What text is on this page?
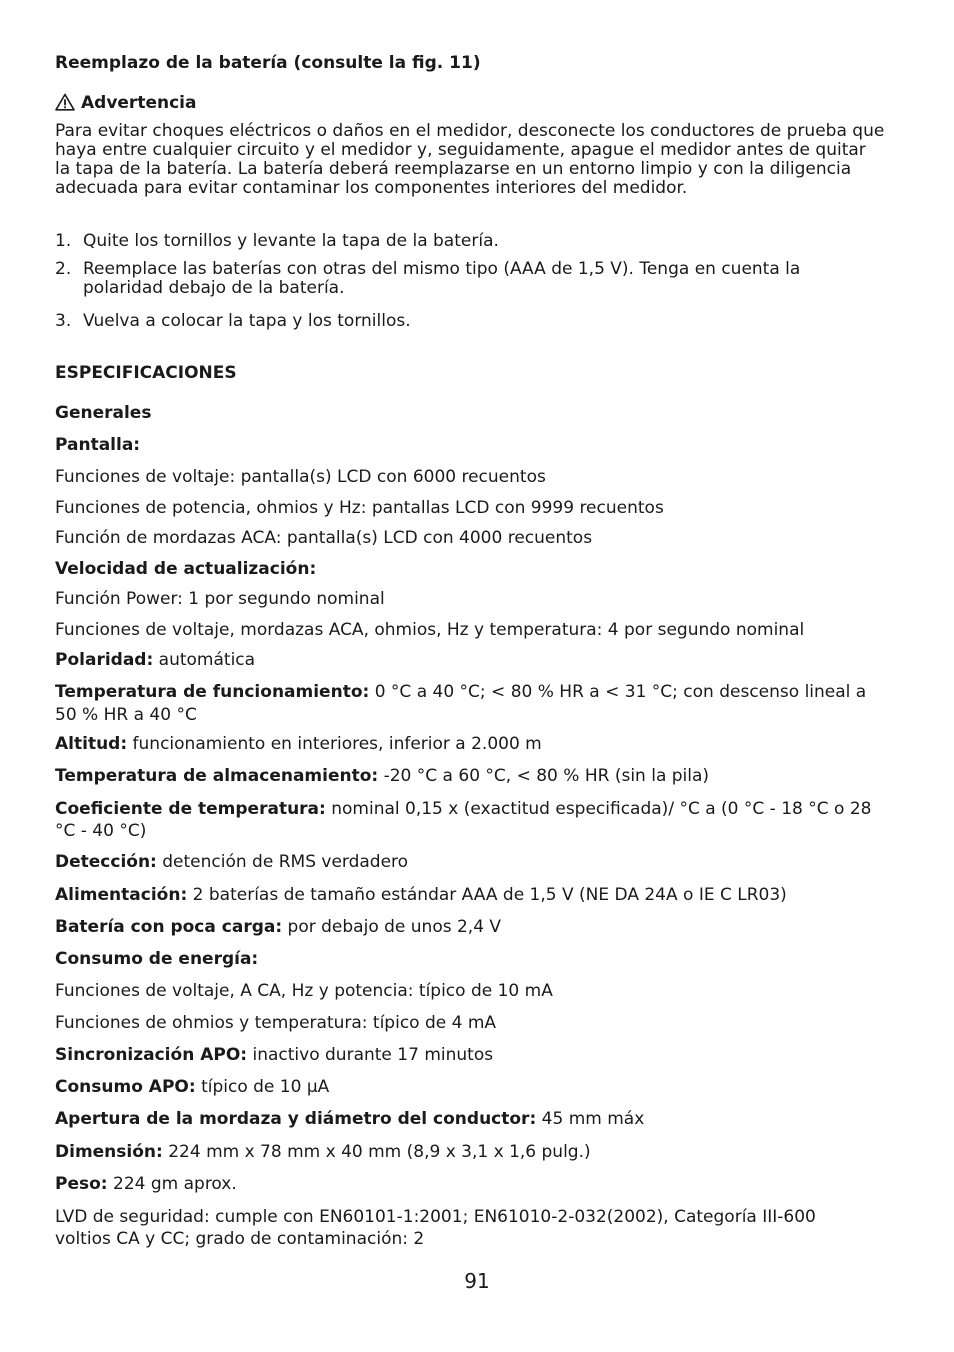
Reemplazo de la batería (consulte la fig. 11)
Advertencia
Para evitar choques eléctricos o daños en el medidor, desconecte los conductores de prueba que haya entre cualquier circuito y el medidor y, seguidamente, apague el medidor antes de quitar la tapa de la batería. La batería deberá reemplazarse en un entorno limpio y con la diligencia adecuada para evitar contaminar los componentes interiores del medidor.
1. Quite los tornillos y levante la tapa de la batería.
2. Reemplace las baterías con otras del mismo tipo (AAA de 1,5 V). Tenga en cuenta la polaridad debajo de la batería.
3. Vuelva a colocar la tapa y los tornillos.
ESPECIFICACIONES
Generales
Pantalla:
Funciones de voltaje: pantalla(s) LCD con 6000 recuentos
Funciones de potencia, ohmios y Hz: pantallas LCD con 9999 recuentos
Función de mordazas ACA: pantalla(s) LCD con 4000 recuentos
Velocidad de actualización:
Función Power: 1 por segundo nominal
Funciones de voltaje, mordazas ACA, ohmios, Hz y temperatura: 4 por segundo nominal
Polaridad: automática
Temperatura de funcionamiento: 0 °C a 40 °C; < 80 % HR a < 31 °C; con descenso lineal a 50 % HR a 40 °C
Altitud: funcionamiento en interiores, inferior a 2.000 m
Temperatura de almacenamiento: -20 °C a 60 °C, < 80 % HR (sin la pila)
Coeficiente de temperatura: nominal 0,15 x (exactitud especificada)/ °C a (0 °C - 18 °C o 28 °C - 40 °C)
Detección: detención de RMS verdadero
Alimentación: 2 baterías de tamaño estándar AAA de 1,5 V (NE DA 24A o IE C LR03)
Batería con poca carga: por debajo de unos 2,4 V
Consumo de energía:
Funciones de voltaje, A CA, Hz y potencia: típico de 10 mA
Funciones de ohmios y temperatura: típico de 4 mA
Sincronización APO: inactivo durante 17 minutos
Consumo APO: típico de 10 µA
Apertura de la mordaza y diámetro del conductor: 45 mm máx
Dimensión: 224 mm x 78 mm x 40 mm (8,9 x 3,1 x 1,6 pulg.)
Peso: 224 gm aprox.
LVD de seguridad: cumple con EN60101-1:2001; EN61010-2-032(2002), Categoría III-600 voltios CA y CC; grado de contaminación: 2
91
